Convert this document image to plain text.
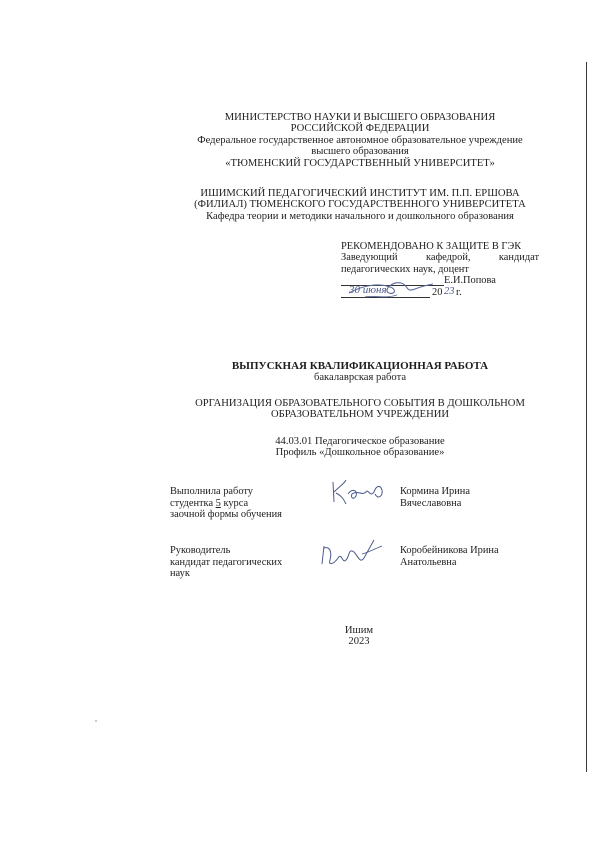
МИНИСТЕРСТВО НАУКИ И ВЫСШЕГО ОБРАЗОВАНИЯ
РОССИЙСКОЙ ФЕДЕРАЦИИ
Федеральное государственное автономное образовательное учреждение
высшего образования
«ТЮМЕНСКИЙ ГОСУДАРСТВЕННЫЙ УНИВЕРСИТЕТ»
ИШИМСКИЙ ПЕДАГОГИЧЕСКИЙ ИНСТИТУТ ИМ. П.П. ЕРШОВА
(ФИЛИАЛ) ТЮМЕНСКОГО ГОСУДАРСТВЕННОГО УНИВЕРСИТЕТА
Кафедра теории и методики начального и дошкольного образования
РЕКОМЕНДОВАНО К ЗАЩИТЕ В ГЭК
Заведующий кафедрой, кандидат
педагогических наук, доцент
Е.И.Попова
30 июня	20 23 г.
ВЫПУСКНАЯ КВАЛИФИКАЦИОННАЯ РАБОТА
бакалаврская работа
ОРГАНИЗАЦИЯ ОБРАЗОВАТЕЛЬНОГО СОБЫТИЯ В ДОШКОЛЬНОМ
ОБРАЗОВАТЕЛЬНОМ УЧРЕЖДЕНИИ
44.03.01 Педагогическое образование
Профиль «Дошкольное образование»
Выполнила работу
студентка 5 курса
заочной формы обучения
Кормина Ирина
Вячеславовна
Руководитель
кандидат педагогических
наук
Коробейникова Ирина
Анатольевна
Ишим
2023
